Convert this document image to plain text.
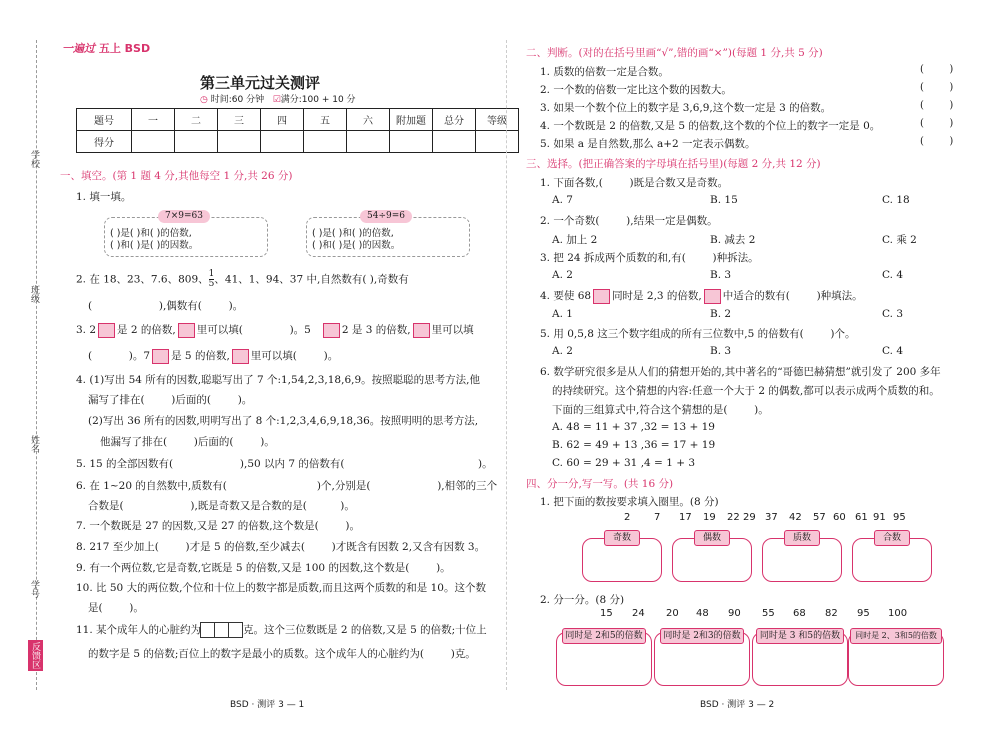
学校
班级
姓名
学号
反馈区
一遍过 五上 BSD
第三单元过关测评
◷ 时间:60 分钟 ☑满分:100 + 10 分
题号	一	二	三	四	五	六	附加题	总分	等级
得分									
一、填空。(第 1 题 4 分,其他每空 1 分,共 26 分)
1. 填一填。
7×9=63
( )是( )和( )的倍数,
( )和( )是( )的因数。
54÷9=6
( )是( )和( )的倍数,
( )和( )是( )的因数。
2. 在 18、23、7.6、809、 $\frac{1}{5}$ 、41、1、94、37 中,自然数有( ),奇数有
(                    ),偶数有(        )。
3. 2 是 2 的倍数, 里可以填(              )。5	2 是 3 的倍数, 里可以填
(           )。7 是 5 的倍数, 里可以填(        )。
4. (1)写出 54 所有的因数,聪聪写出了 7 个:1,54,2,3,18,6,9。按照聪聪的思考方法,他
漏写了排在(        )后面的(        )。
(2)写出 36 所有的因数,明明写出了 8 个:1,2,3,4,6,9,18,36。按照明明的思考方法,
他漏写了排在(        )后面的(        )。
5. 15 的全部因数有(                    ),50 以内 7 的倍数有(                                        )。
6. 在 1~20 的自然数中,质数有(                           )个,分别是(                    ),相邻的三个
合数是(                    ),既是奇数又是合数的是(          )。
7. 一个数既是 27 的因数,又是 27 的倍数,这个数是(        )。
8. 217 至少加上(        )才是 5 的倍数,至少减去(        )才既含有因数 2,又含有因数 3。
9. 有一个两位数,它是奇数,它既是 5 的倍数,又是 100 的因数,这个数是(        )。
10. 比 50 大的两位数,个位和十位上的数字都是质数,而且这两个质数的和是 10。这个数
是(        )。
11. 某个成年人的心脏约为	克。这个三位数既是 2 的倍数,又是 5 的倍数;十位上
的数字是 5 的倍数;百位上的数字是最小的质数。这个成年人的心脏约为(        )克。
BSD · 测评 3 — 1
二、判断。(对的在括号里画“√”,错的画“×”)(每题 1 分,共 5 分)
1. 质数的倍数一定是合数。	(        )
2. 一个数的倍数一定比这个数的因数大。	(        )
3. 如果一个数个位上的数字是 3,6,9,这个数一定是 3 的倍数。	(        )
4. 一个数既是 2 的倍数,又是 5 的倍数,这个数的个位上的数字一定是 0。	(        )
5. 如果 a 是自然数,那么 a+2 一定表示偶数。	(        )
三、选择。(把正确答案的字母填在括号里)(每题 2 分,共 12 分)
1. 下面各数,(        )既是合数又是奇数。
A. 7	B. 15	C. 18
2. 一个奇数(        ),结果一定是偶数。
A. 加上 2	B. 减去 2	C. 乘 2
3. 把 24 拆成两个质数的和,有(        )种拆法。
A. 2	B. 3	C. 4
4. 要使 68 同时是 2,3 的倍数, 中适合的数有(        )种填法。
A. 1	B. 2	C. 3
5. 用 0,5,8 这三个数字组成的所有三位数中,5 的倍数有(        )个。
A. 2	B. 3	C. 4
6. 数学研究很多是从人们的猜想开始的,其中著名的“哥德巴赫猜想”就引发了 200 多年
的持续研究。这个猜想的内容:任意一个大于 2 的偶数,都可以表示成两个质数的和。
下面的三组算式中,符合这个猜想的是(        )。
A. 48 = 11 + 37 ,32 = 13 + 19
B. 62 = 49 + 13 ,36 = 17 + 19
C. 60 = 29 + 31 ,4 = 1 + 3
四、分一分,写一写。(共 16 分)
1. 把下面的数按要求填入圈里。(8 分)
2 7 17 19 22 29 37 42 57 60 61 91 95
奇数	偶数	质数	合数
2. 分一分。(8 分)
15 24 20 48 90 55 68 82 95 100
同时是 2和5的倍数	同时是 2和3的倍数	同时是 3 和5的倍数	同时是 2、3和5的倍数
BSD · 测评 3 — 2
